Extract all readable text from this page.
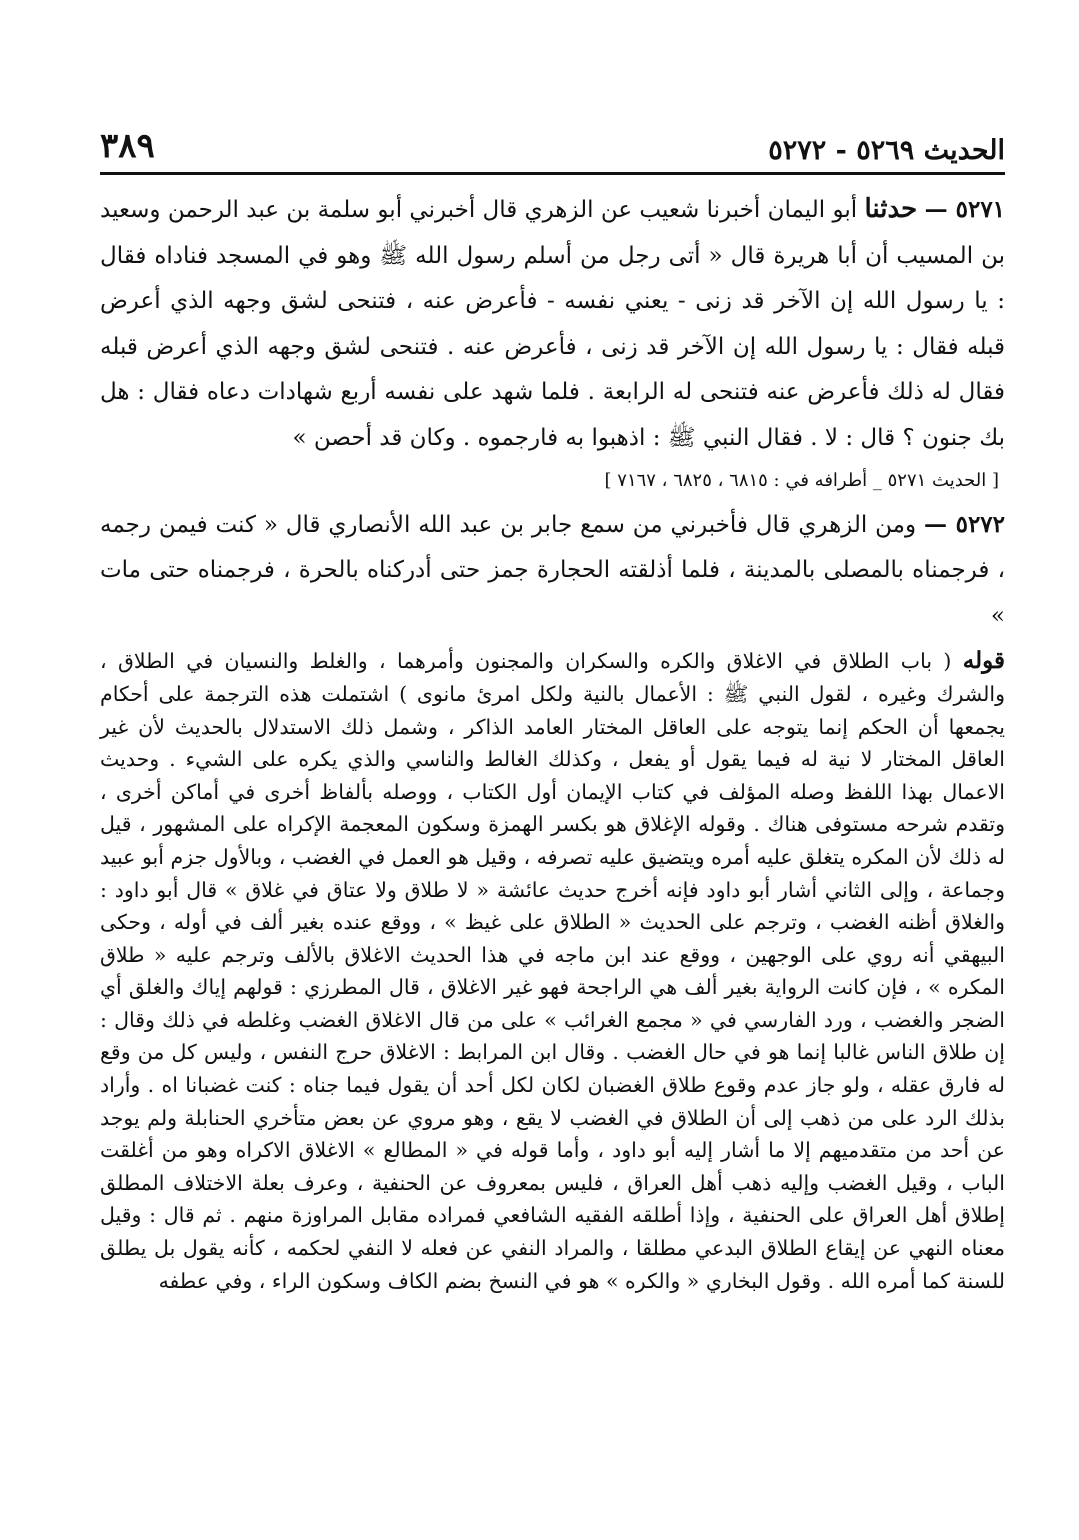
الحديث ٥٢٦٩ - ٥٢٧٢
٣٨٩

٥٢٧١ — حدثنا أبو اليمان أخبرنا شعيب عن الزهري قال أخبرني أبو سلمة بن عبد الرحمن وسعيد بن المسيب أن أبا هريرة قال « أتى رجل من أسلم رسول الله ﷺ وهو في المسجد فناداه فقال : يا رسول الله إن الآخر قد زنى - يعني نفسه - فأعرض عنه ، فتنحى لشق وجهه الذي أعرض قبله فقال : يا رسول الله إن الآخر قد زنى ، فأعرض عنه . فتنحى لشق وجهه الذي أعرض قبله فقال له ذلك فأعرض عنه فتنحى له الرابعة . فلما شهد على نفسه أربع شهادات دعاه فقال : هل بك جنون ؟ قال : لا . فقال النبي ﷺ : اذهبوا به فارجموه . وكان قد أحصن »

[ الحديث ٥٢٧١ _ أطرافه في : ٦٨١٥ ، ٦٨٢٥ ، ٧١٦٧ ]

٥٢٧٢ — ومن الزهري قال فأخبرني من سمع جابر بن عبد الله الأنصاري قال « كنت فيمن رجمه ، فرجمناه بالمصلى بالمدينة ، فلما أذلقته الحجارة جمز حتى أدركناه بالحرة ، فرجمناه حتى مات »

قوله ( باب الطلاق في الاغلاق والكره والسكران والمجنون وأمرهما ، والغلط والنسيان في الطلاق ، والشرك وغيره ، لقول النبي ﷺ : الأعمال بالنية ولكل امرئ مانوى ) اشتملت هذه الترجمة على أحكام يجمعها أن الحكم إنما يتوجه على العاقل المختار العامد الذاكر ، وشمل ذلك الاستدلال بالحديث لأن غير العاقل المختار لا نية له فيما يقول أو يفعل ، وكذلك الغالط والناسي والذي يكره على الشيء . وحديث الاعمال بهذا اللفظ وصله المؤلف في كتاب الإيمان أول الكتاب ، ووصله بألفاظ أخرى في أماكن أخرى ، وتقدم شرحه مستوفى هناك . وقوله الإغلاق هو بكسر الهمزة وسكون المعجمة الإكراه على المشهور ، قيل له ذلك لأن المكره يتغلق عليه أمره ويتضيق عليه تصرفه ، وقيل هو العمل في الغضب ، وبالأول جزم أبو عبيد وجماعة ، وإلى الثاني أشار أبو داود فإنه أخرج حديث عائشة « لا طلاق ولا عتاق في غلاق » قال أبو داود : والغلاق أظنه الغضب ، وترجم على الحديث « الطلاق على غيظ » ، ووقع عنده بغير ألف في أوله ، وحكى البيهقي أنه روي على الوجهين ، ووقع عند ابن ماجه في هذا الحديث الاغلاق بالألف وترجم عليه « طلاق المكره » ، فإن كانت الرواية بغير ألف هي الراجحة فهو غير الاغلاق ، قال المطرزي : قولهم إياك والغلق أي الضجر والغضب ، ورد الفارسي في « مجمع الغرائب » على من قال الاغلاق الغضب وغلطه في ذلك وقال : إن طلاق الناس غالبا إنما هو في حال الغضب . وقال ابن المرابط : الاغلاق حرج النفس ، وليس كل من وقع له فارق عقله ، ولو جاز عدم وقوع طلاق الغضبان لكان لكل أحد أن يقول فيما جناه : كنت غضبانا اه . وأراد بذلك الرد على من ذهب إلى أن الطلاق في الغضب لا يقع ، وهو مروي عن بعض متأخري الحنابلة ولم يوجد عن أحد من متقدميهم إلا ما أشار إليه أبو داود ، وأما قوله في « المطالع » الاغلاق الاكراه وهو من أغلقت الباب ، وقيل الغضب وإليه ذهب أهل العراق ، فليس بمعروف عن الحنفية ، وعرف بعلة الاختلاف المطلق إطلاق أهل العراق على الحنفية ، وإذا أطلقه الفقيه الشافعي فمراده مقابل المراوزة منهم . ثم قال : وقيل معناه النهي عن إيقاع الطلاق البدعي مطلقا ، والمراد النفي عن فعله لا النفي لحكمه ، كأنه يقول بل يطلق للسنة كما أمره الله . وقول البخاري « والكره » هو في النسخ بضم الكاف وسكون الراء ، وفي عطفه
